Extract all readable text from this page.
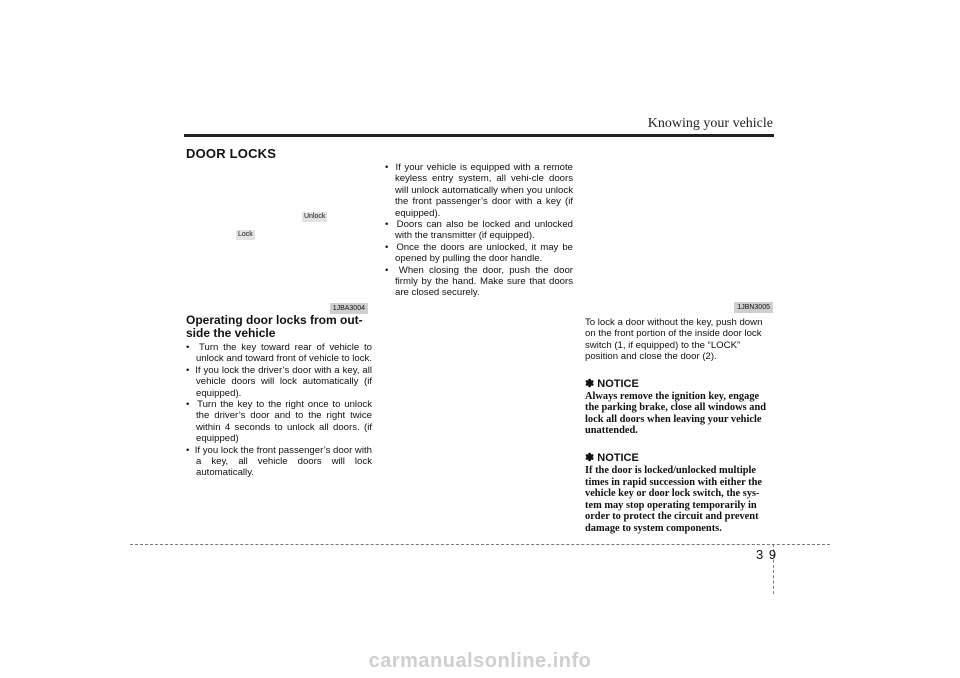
Knowing your vehicle
DOOR LOCKS
Unlock
Lock
1JBA3004
Operating door locks from out-side the vehicle
•  Turn the key toward rear of vehicle to unlock and toward front of vehicle to lock.
•  If you lock the driver’s door with a key, all vehicle doors will lock automatically (if equipped).
•  Turn the key to the right once to unlock the driver’s door and to the right twice within 4 seconds to unlock all doors. (if equipped)
•  If you lock the front passenger’s door with a key, all vehicle doors will lock automatically.
•  If your vehicle is equipped with a remote keyless entry system, all vehi-cle doors will unlock automatically when you unlock the front passenger’s door with a key (if equipped).
•  Doors can also be locked and unlocked with the transmitter (if equipped).
•  Once the doors are unlocked, it may be opened by pulling the door handle.
•  When closing the door, push the door firmly by the hand. Make sure that doors are closed securely.
1JBN3005
To lock a door without the key, push down on the front portion of the inside door lock switch (1, if equipped) to the “LOCK” position and close the door (2).
✽ NOTICE
Always remove the ignition key, engage the parking brake, close all windows and lock all doors when leaving your vehicle unattended.
✽ NOTICE
If the door is locked/unlocked multiple times in rapid succession with either the vehicle key or door lock switch, the sys-tem may stop operating temporarily in order to protect the circuit and prevent damage to system components.
3 9
carmanualsonline.info
